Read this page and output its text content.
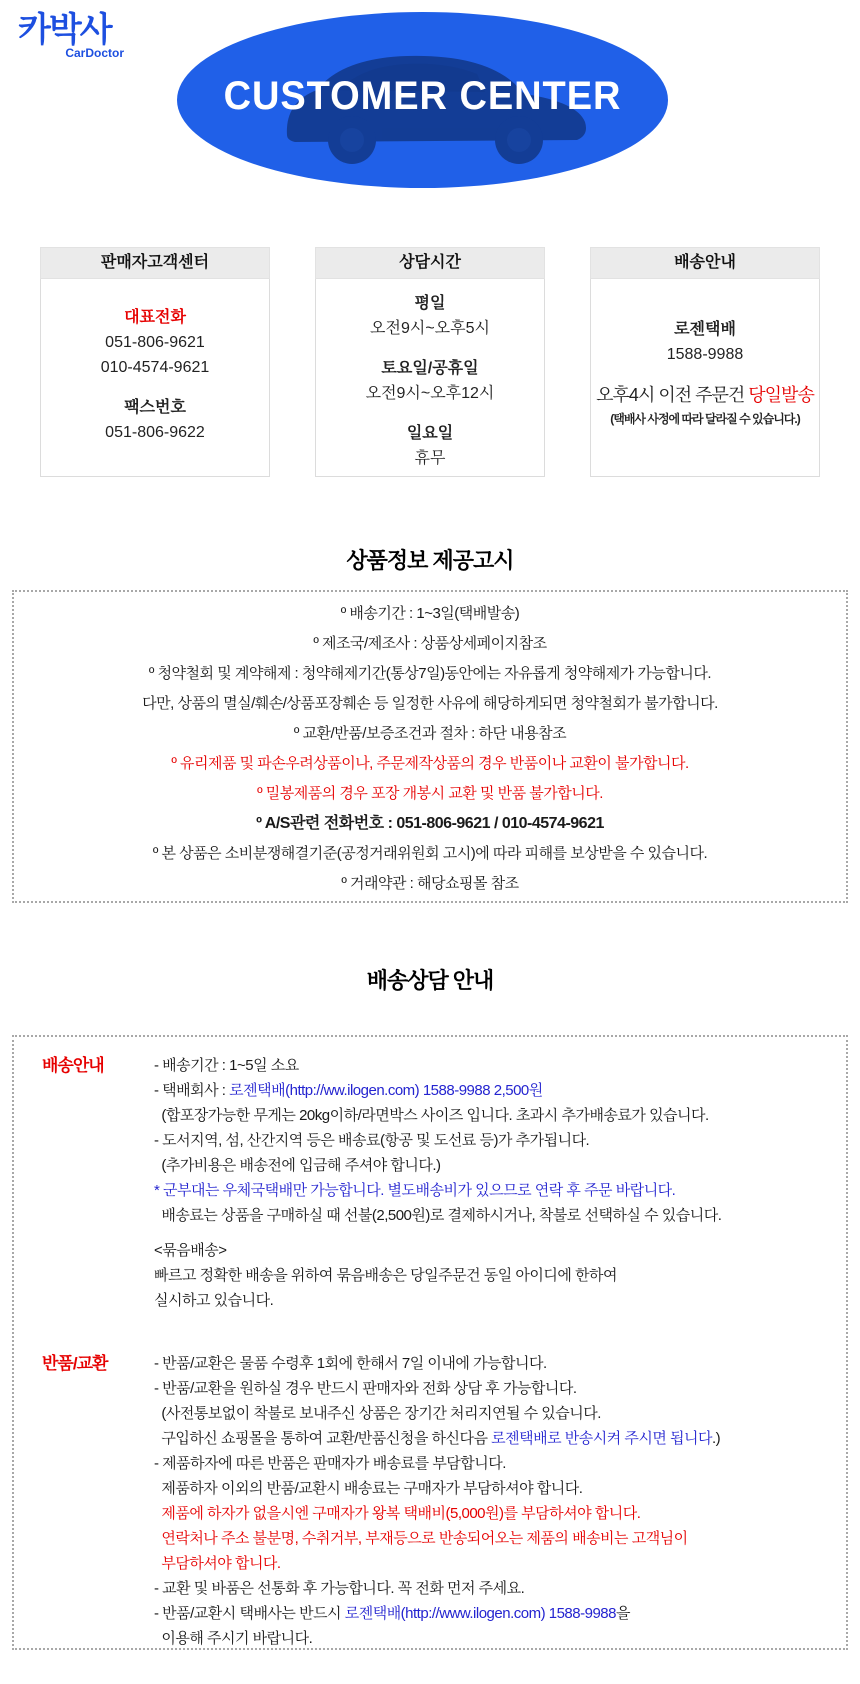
카박사
CarDoctor
CUSTOMER CENTER
판매자고객센터
대표전화
051-806-9621
010-4574-9621
팩스번호
051-806-9622
상담시간
평일
오전9시~오후5시
토요일/공휴일
오전9시~오후12시
일요일
휴무
배송안내
로젠택배
1588-9988
오후4시 이전 주문건 당일발송
(택배사 사정에 따라 달라질 수 있습니다.)
상품정보 제공고시
º 배송기간 : 1~3일(택배발송)
º 제조국/제조사 : 상품상세페이지참조
º 청약철회 및 계약해제 : 청약해제기간(통상7일)동안에는 자유롭게 청약해제가 가능합니다.
다만, 상품의 멸실/훼손/상품포장훼손 등 일정한 사유에 해당하게되면 청약철회가 불가합니다.
º 교환/반품/보증조건과 절차 : 하단 내용참조
º 유리제품 및 파손우려상품이나, 주문제작상품의 경우 반품이나 교환이 불가합니다.
º 밀봉제품의 경우 포장 개봉시 교환 및 반품 불가합니다.
º A/S관련 전화번호 : 051-806-9621 / 010-4574-9621
º 본 상품은 소비분쟁해결기준(공정거래위원회 고시)에 따라 피해를 보상받을 수 있습니다.
º 거래약관 : 해당쇼핑몰 참조
배송상담 안내
배송안내	- 배송기간 : 1~5일 소요
- 택배회사 : 로젠택배(http://ww.ilogen.com) 1588-9988 2,500원
(합포장가능한 무게는 20kg이하/라면박스 사이즈 입니다. 초과시 추가배송료가 있습니다.
- 도서지역, 섬, 산간지역 등은 배송료(항공 및 도선료 등)가 추가됩니다.
(추가비용은 배송전에 입금해 주셔야 합니다.)
* 군부대는 우체국택배만 가능합니다. 별도배송비가 있으므로 연락 후 주문 바랍니다.
배송료는 상품을 구매하실 때 선불(2,500원)로 결제하시거나, 착불로 선택하실 수 있습니다.
<묶음배송>
빠르고 정확한 배송을 위하여 묶음배송은 당일주문건 동일 아이디에 한하여
실시하고 있습니다.
반품/교환	- 반품/교환은 물품 수령후 1회에 한해서 7일 이내에 가능합니다.
- 반품/교환을 원하실 경우 반드시 판매자와 전화 상담 후 가능합니다.
(사전통보없이 착불로 보내주신 상품은 장기간 처리지연될 수 있습니다.
구입하신 쇼핑몰을 통하여 교환/반품신청을 하신다음 로젠택배로 반송시켜 주시면 됩니다.)
- 제품하자에 따른 반품은 판매자가 배송료를 부담합니다.
제품하자 이외의 반품/교환시 배송료는 구매자가 부담하셔야 합니다.
제품에 하자가 없을시엔 구매자가 왕복 택배비(5,000원)를 부담하셔야 합니다.
연락처나 주소 불분명, 수취거부, 부재등으로 반송되어오는 제품의 배송비는 고객님이
부담하셔야 합니다.
- 교환 및 바품은 선통화 후 가능합니다. 꼭 전화 먼저 주세요.
- 반품/교환시 택배사는 반드시 로젠택배(http://www.ilogen.com) 1588-9988을
이용해 주시기 바랍니다.
